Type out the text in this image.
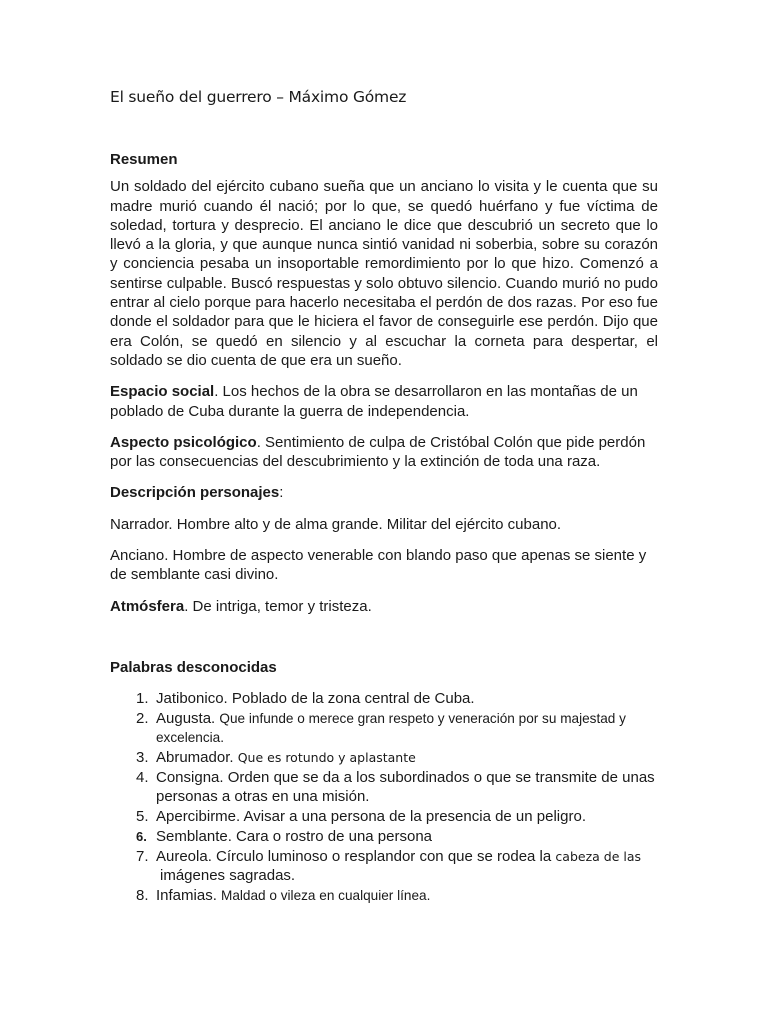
El sueño del guerrero – Máximo Gómez
Resumen

Un soldado del ejército cubano sueña que un anciano lo visita y le cuenta que su madre murió cuando él nació; por lo que, se quedó huérfano y fue víctima de soledad, tortura y desprecio. El anciano le dice que descubrió un secreto que lo llevó a la gloria, y que aunque nunca sintió vanidad ni soberbia, sobre su corazón y conciencia pesaba un insoportable remordimiento por lo que hizo. Comenzó a sentirse culpable. Buscó respuestas y solo obtuvo silencio. Cuando murió no pudo entrar al cielo porque para hacerlo necesitaba el perdón de dos razas. Por eso fue donde el soldador para que le hiciera el favor de conseguirle ese perdón. Dijo que era Colón, se quedó en silencio y al escuchar la corneta para despertar, el soldado se dio cuenta de que era un sueño.

Espacio social. Los hechos de la obra se desarrollaron en las montañas de un poblado de Cuba durante la guerra de independencia.

Aspecto psicológico. Sentimiento de culpa de Cristóbal Colón que pide perdón por las consecuencias del descubrimiento y la extinción de toda una raza.

Descripción personajes:

Narrador. Hombre alto y de alma grande. Militar del ejército cubano.

Anciano. Hombre de aspecto venerable con blando paso que apenas se siente y de semblante casi divino.

Atmósfera. De intriga, temor y tristeza.

Palabras desconocidas
1. Jatibonico. Poblado de la zona central de Cuba.
2. Augusta. Que infunde o merece gran respeto y veneración por su majestad y excelencia.
3. Abrumador. Que es rotundo y aplastante
4. Consigna. Orden que se da a los subordinados o que se transmite de unas personas a otras en una misión.
5. Apercibirme. Avisar a una persona de la presencia de un peligro.
6. Semblante. Cara o rostro de una persona
7. Aureola. Círculo luminoso o resplandor con que se rodea la cabeza de las
imágenes sagradas.
8. Infamias. Maldad o vileza en cualquier línea.
